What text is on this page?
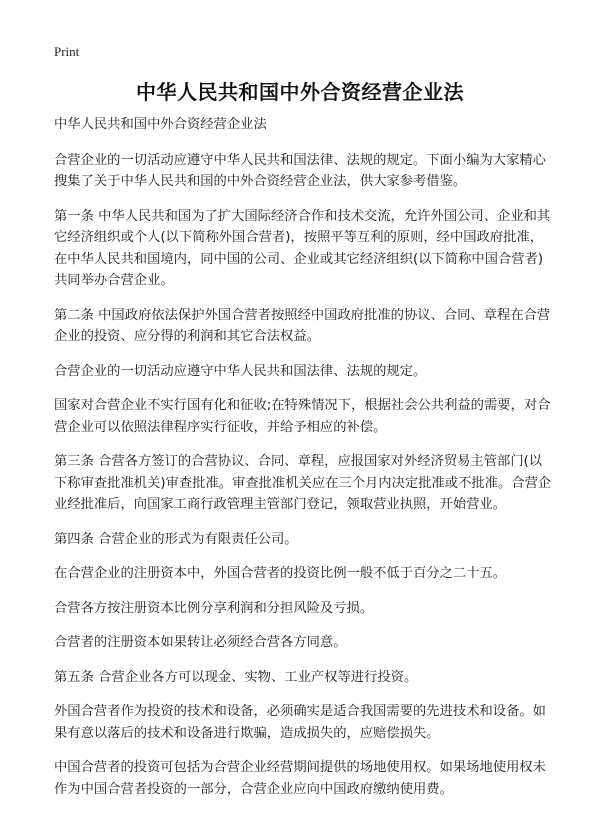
Print
中华人民共和国中外合资经营企业法

中华人民共和国中外合资经营企业法

合营企业的一切活动应遵守中华人民共和国法律、法规的规定。下面小编为大家精心搜集了关于中华人民共和国的中外合资经营企业法，供大家参考借鉴。

第一条 中华人民共和国为了扩大国际经济合作和技术交流，允许外国公司、企业和其它经济组织或个人(以下简称外国合营者)，按照平等互利的原则，经中国政府批准，在中华人民共和国境内，同中国的公司、企业或其它经济组织(以下简称中国合营者)共同举办合营企业。

第二条 中国政府依法保护外国合营者按照经中国政府批准的协议、合同、章程在合营企业的投资、应分得的利润和其它合法权益。

合营企业的一切活动应遵守中华人民共和国法律、法规的规定。

国家对合营企业不实行国有化和征收;在特殊情况下，根据社会公共利益的需要，对合营企业可以依照法律程序实行征收，并给予相应的补偿。

第三条 合营各方签订的合营协议、合同、章程，应报国家对外经济贸易主管部门(以下称审查批准机关)审查批准。审查批准机关应在三个月内决定批准或不批准。合营企业经批准后，向国家工商行政管理主管部门登记，领取营业执照，开始营业。

第四条 合营企业的形式为有限责任公司。

在合营企业的注册资本中，外国合营者的投资比例一般不低于百分之二十五。

合营各方按注册资本比例分享利润和分担风险及亏损。

合营者的注册资本如果转让必须经合营各方同意。

第五条 合营企业各方可以现金、实物、工业产权等进行投资。

外国合营者作为投资的技术和设备，必须确实是适合我国需要的先进技术和设备。如果有意以落后的技术和设备进行欺骗，造成损失的，应赔偿损失。

中国合营者的投资可包括为合营企业经营期间提供的场地使用权。如果场地使用权未作为中国合营者投资的一部分，合营企业应向中国政府缴纳使用费。
